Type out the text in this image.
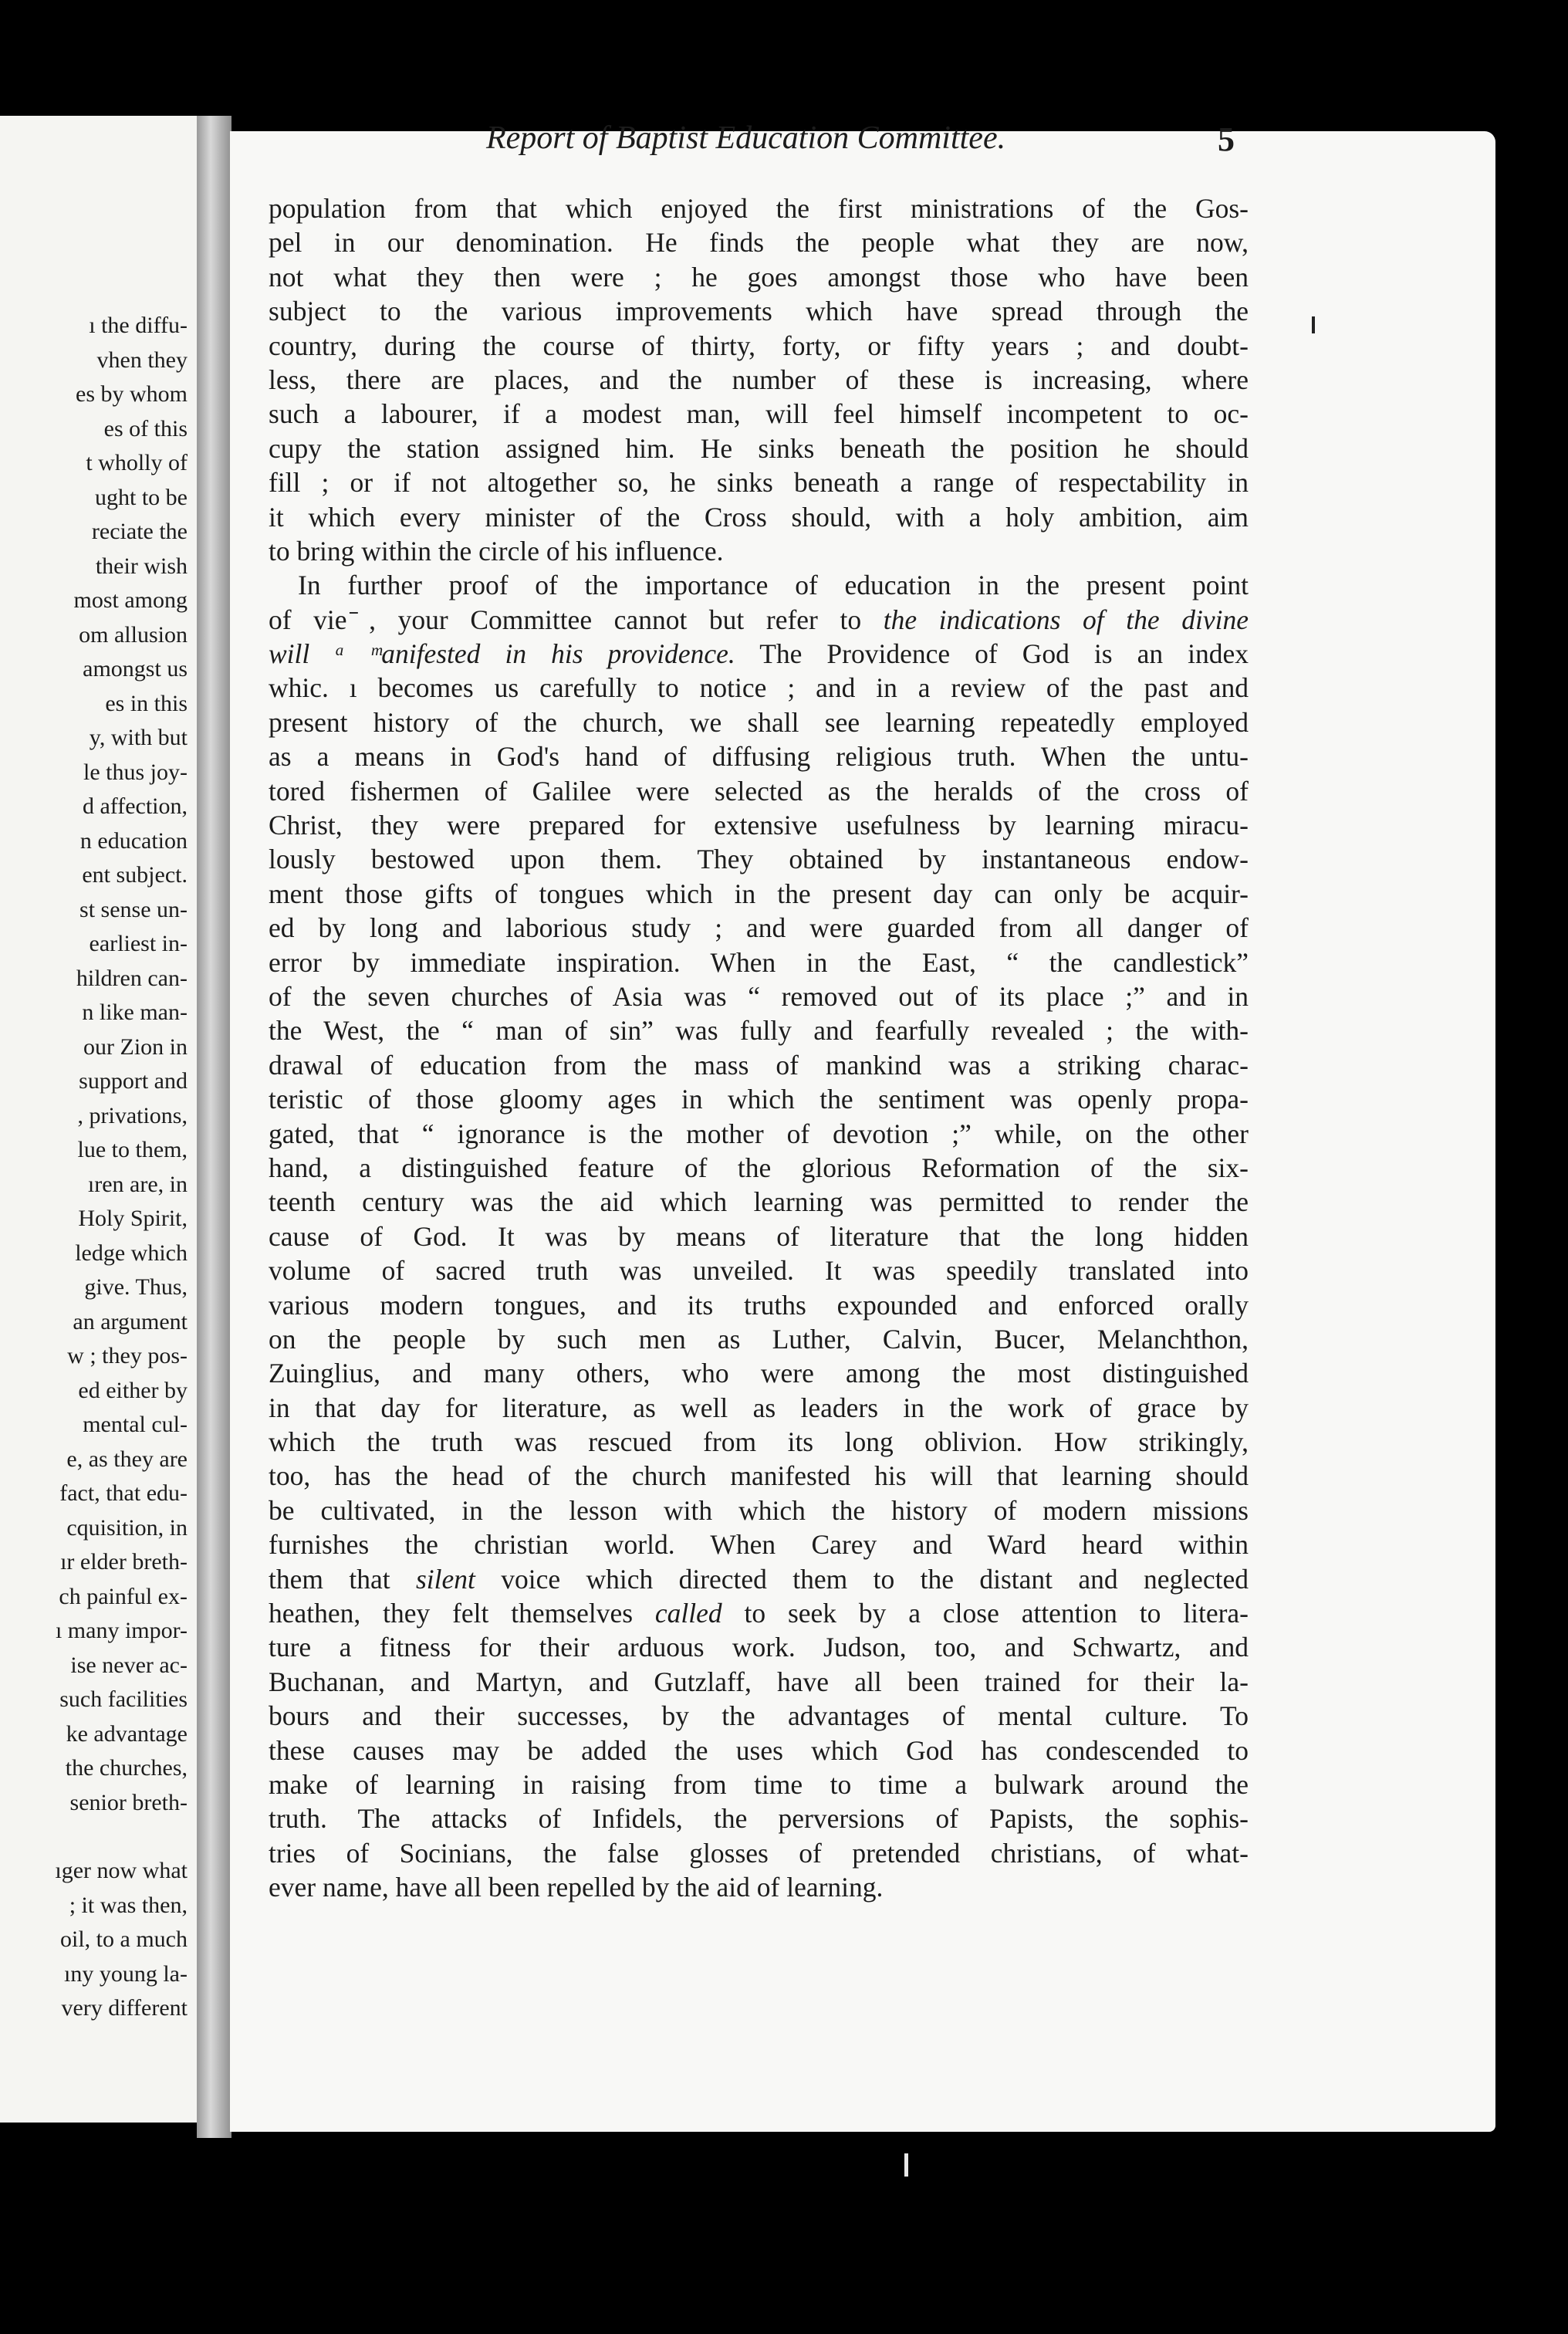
ı the diffu-
vhen they
es by whom
es of this
t wholly of
ught to be
reciate the
their wish
most among
om allusion
amongst us
es in this
y, with but
le thus joy-
d affection,
n education
ent subject.
st sense un-
earliest in-
hildren can-
n like man-
our Zion in
support and
, privations,
lue to them,
ıren are, in
Holy Spirit,
ledge which
give. Thus,
an argument
w ; they pos-
ed either by
mental cul-
e, as they are
fact, that edu-
cquisition, in
ır elder breth-
ch painful ex-
ı many impor-
ise never ac-
such facilities
ke advantage
the churches,
senior breth-
ıger now what
; it was then,
oil, to a much
ıny young la-
very different
Report of Baptist Education Committee.	5
population from that which enjoyed the first ministrations of the Gos-
pel in our denomination. He finds the people what they are now,
not what they then were ; he goes amongst those who have been
subject to the various improvements which have spread through the
country, during the course of thirty, forty, or fifty years ; and doubt-
less, there are places, and the number of these is increasing, where
such a labourer, if a modest man, will feel himself incompetent to oc-
cupy the station assigned him. He sinks beneath the position he should
fill ; or if not altogether so, he sinks beneath a range of respectability in
it which every minister of the Cross should, with a holy ambition, aim
to bring within the circle of his influence.
In further proof of the importance of education in the present point
of vie ̄, your Committee cannot but refer to the indications of the divine
will ᵃ ᵐanifested in his providence. The Providence of God is an index
whic. ı becomes us carefully to notice ; and in a review of the past and
present history of the church, we shall see learning repeatedly employed
as a means in God's hand of diffusing religious truth. When the untu-
tored fishermen of Galilee were selected as the heralds of the cross of
Christ, they were prepared for extensive usefulness by learning miracu-
lously bestowed upon them. They obtained by instantaneous endow-
ment those gifts of tongues which in the present day can only be acquir-
ed by long and laborious study ; and were guarded from all danger of
error by immediate inspiration. When in the East, “ the candlestick”
of the seven churches of Asia was “ removed out of its place ;” and in
the West, the “ man of sin” was fully and fearfully revealed ; the with-
drawal of education from the mass of mankind was a striking charac-
teristic of those gloomy ages in which the sentiment was openly propa-
gated, that “ ignorance is the mother of devotion ;” while, on the other
hand, a distinguished feature of the glorious Reformation of the six-
teenth century was the aid which learning was permitted to render the
cause of God. It was by means of literature that the long hidden
volume of sacred truth was unveiled. It was speedily translated into
various modern tongues, and its truths expounded and enforced orally
on the people by such men as Luther, Calvin, Bucer, Melanchthon,
Zuinglius, and many others, who were among the most distinguished
in that day for literature, as well as leaders in the work of grace by
which the truth was rescued from its long oblivion. How strikingly,
too, has the head of the church manifested his will that learning should
be cultivated, in the lesson with which the history of modern missions
furnishes the christian world. When Carey and Ward heard within
them that silent voice which directed them to the distant and neglected
heathen, they felt themselves called to seek by a close attention to litera-
ture a fitness for their arduous work. Judson, too, and Schwartz, and
Buchanan, and Martyn, and Gutzlaff, have all been trained for their la-
bours and their successes, by the advantages of mental culture. To
these causes may be added the uses which God has condescended to
make of learning in raising from time to time a bulwark around the
truth. The attacks of Infidels, the perversions of Papists, the sophis-
tries of Socinians, the false glosses of pretended christians, of what-
ever name, have all been repelled by the aid of learning.
